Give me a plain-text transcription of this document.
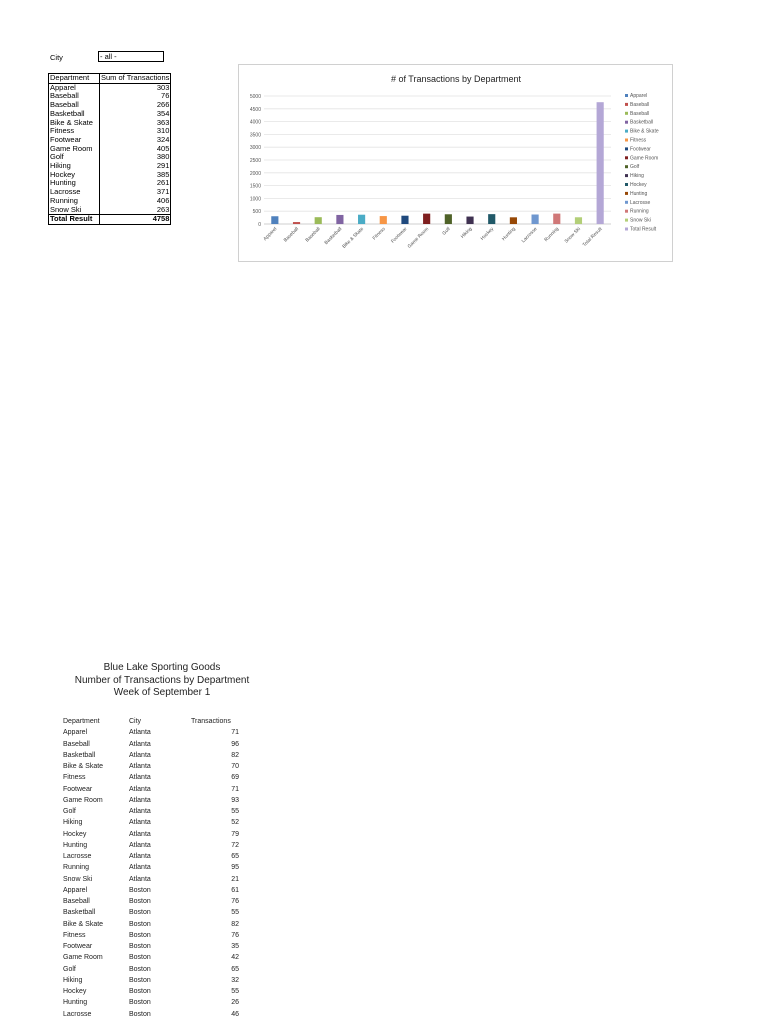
City	- all -
Department	Sum of Transactions
Apparel	303
Baseball	76
Baseball	266
Basketball	354
Bike & Skate	363
Fitness	310
Footwear	324
Game Room	405
Golf	380
Hiking	291
Hockey	385
Hunting	261
Lacrosse	371
Running	406
Snow Ski	263
Total Result	4758
# of Transactions by Department
0
500
1000
1500
2000
2500
3000
3500
4000
4500
5000
Apparel Baseball Baseball Basketball
Bike & Skate Fitness Footwear
Game Room Golf Hiking Hockey Hunting Lacrosse Running Snow Ski Total Result
Apparel
Baseball
Baseball
Basketball
Bike & Skate
Fitness
Footwear
Game Room
Golf
Hiking
Hockey
Hunting
Lacrosse
Running
Snow Ski
Total Result
Blue Lake Sporting Goods
Number of Transactions by Department
Week of September 1
Department	City	Transactions
Apparel	Atlanta	71
Baseball	Atlanta	96
Basketball	Atlanta	82
Bike & Skate	Atlanta	70
Fitness	Atlanta	69
Footwear	Atlanta	71
Game Room	Atlanta	93
Golf	Atlanta	55
Hiking	Atlanta	52
Hockey	Atlanta	79
Hunting	Atlanta	72
Lacrosse	Atlanta	65
Running	Atlanta	95
Snow Ski	Atlanta	21
Apparel	Boston	61
Baseball	Boston	76
Basketball	Boston	55
Bike & Skate	Boston	82
Fitness	Boston	76
Footwear	Boston	35
Game Room	Boston	42
Golf	Boston	65
Hiking	Boston	32
Hockey	Boston	55
Hunting	Boston	26
Lacrosse	Boston	46
